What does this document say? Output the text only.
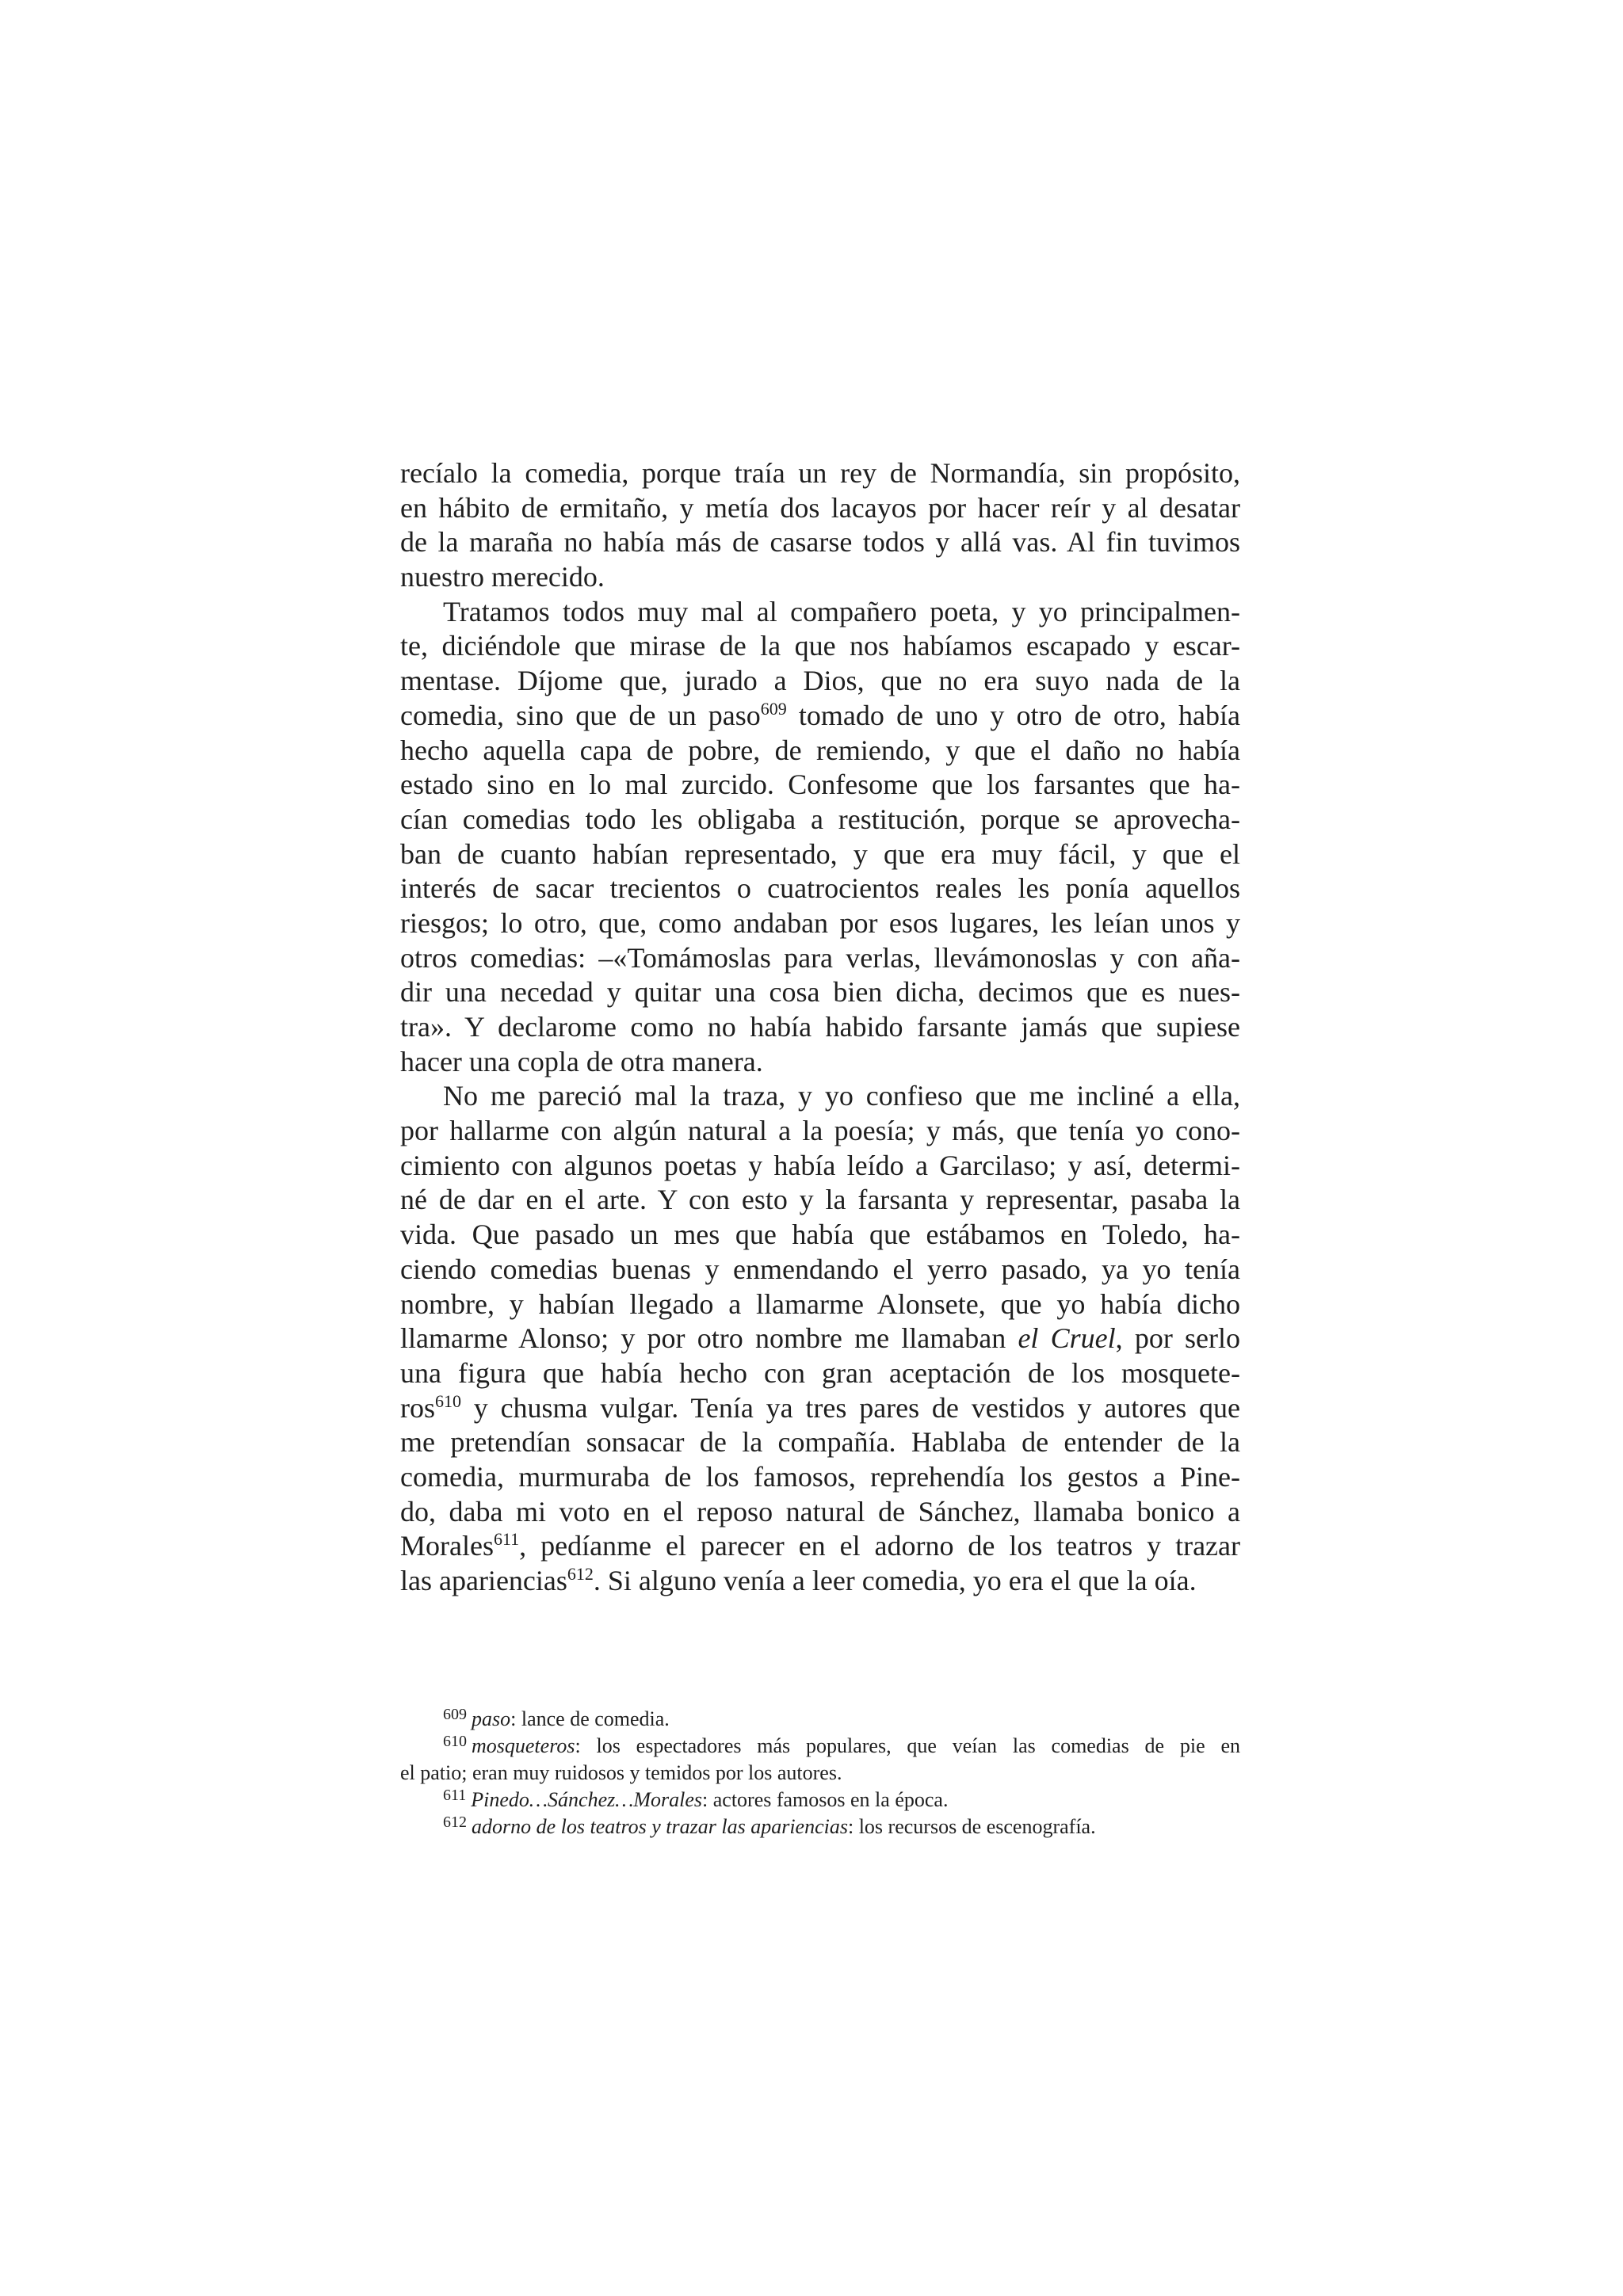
recíalo la comedia, porque traía un rey de Normandía, sin propósito,
en hábito de ermitaño, y metía dos lacayos por hacer reír y al desatar
de la maraña no había más de casarse todos y allá vas. Al fin tuvimos
nuestro merecido.
Tratamos todos muy mal al compañero poeta, y yo principalmen-
te, diciéndole que mirase de la que nos habíamos escapado y escar-
mentase. Díjome que, jurado a Dios, que no era suyo nada de la
comedia, sino que de un paso$^{609}$ tomado de uno y otro de otro, había
hecho aquella capa de pobre, de remiendo, y que el daño no había
estado sino en lo mal zurcido. Confesome que los farsantes que ha-
cían comedias todo les obligaba a restitución, porque se aprovecha-
ban de cuanto habían representado, y que era muy fácil, y que el
interés de sacar trecientos o cuatrocientos reales les ponía aquellos
riesgos; lo otro, que, como andaban por esos lugares, les leían unos y
otros comedias: –«Tomámoslas para verlas, llevámonoslas y con aña-
dir una necedad y quitar una cosa bien dicha, decimos que es nues-
tra». Y declarome como no había habido farsante jamás que supiese
hacer una copla de otra manera.
No me pareció mal la traza, y yo confieso que me incliné a ella,
por hallarme con algún natural a la poesía; y más, que tenía yo cono-
cimiento con algunos poetas y había leído a Garcilaso; y así, determi-
né de dar en el arte. Y con esto y la farsanta y representar, pasaba la
vida. Que pasado un mes que había que estábamos en Toledo, ha-
ciendo comedias buenas y enmendando el yerro pasado, ya yo tenía
nombre, y habían llegado a llamarme Alonsete, que yo había dicho
llamarme Alonso; y por otro nombre me llamaban el Cruel, por serlo
una figura que había hecho con gran aceptación de los mosquete-
ros$^{610}$ y chusma vulgar. Tenía ya tres pares de vestidos y autores que
me pretendían sonsacar de la compañía. Hablaba de entender de la
comedia, murmuraba de los famosos, reprehendía los gestos a Pine-
do, daba mi voto en el reposo natural de Sánchez, llamaba bonico a
Morales$^{611}$, pedíanme el parecer en el adorno de los teatros y trazar
las apariencias$^{612}$. Si alguno venía a leer comedia, yo era el que la oía.
$^{609}$ paso: lance de comedia.
$^{610}$ mosqueteros: los espectadores más populares, que veían las comedias de pie en
el patio; eran muy ruidosos y temidos por los autores.
$^{611}$ Pinedo…Sánchez…Morales: actores famosos en la época.
$^{612}$ adorno de los teatros y trazar las apariencias: los recursos de escenografía.
